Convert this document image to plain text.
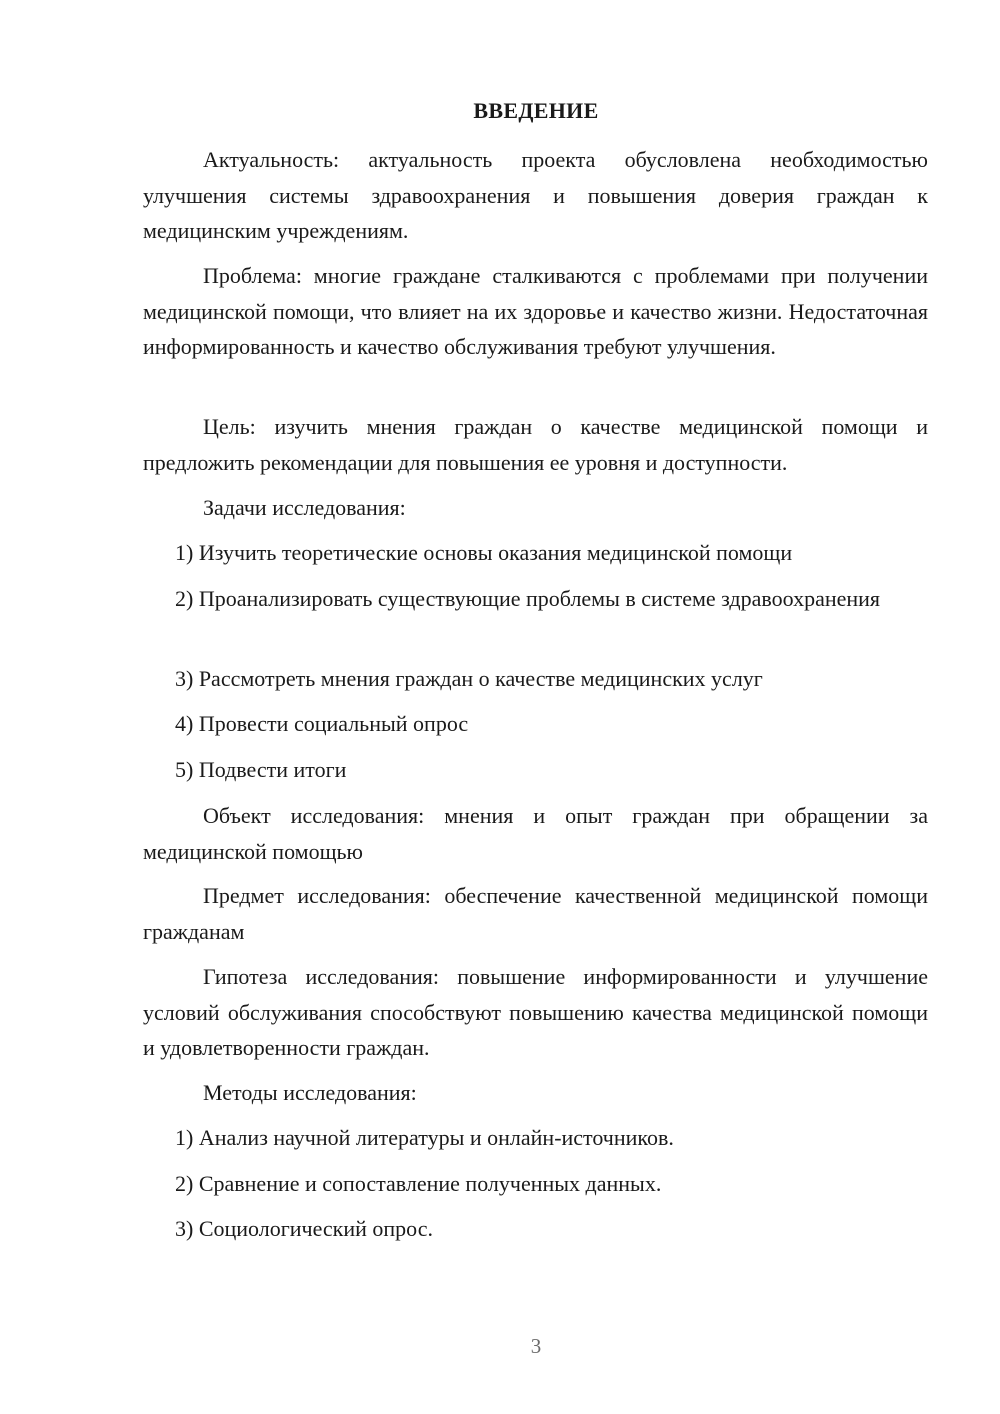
ВВЕДЕНИЕ

Актуальность: актуальность проекта обусловлена необходимостью улучшения системы здравоохранения и повышения доверия граждан к медицинским учреждениям.

Проблема: многие граждане сталкиваются с проблемами при получении медицинской помощи, что влияет на их здоровье и качество жизни. Недостаточная информированность и качество обслуживания требуют улучшения.

Цель: изучить мнения граждан о качестве медицинской помощи и предложить рекомендации для повышения ее уровня и доступности.

Задачи исследования:

1) Изучить теоретические основы оказания медицинской помощи

2) Проанализировать существующие проблемы в системе здравоохранения

3) Рассмотреть мнения граждан о качестве медицинских услуг

4) Провести социальный опрос

5) Подвести итоги

Объект исследования: мнения и опыт граждан при обращении за медицинской помощью

Предмет исследования: обеспечение качественной медицинской помощи гражданам

Гипотеза исследования: повышение информированности и улучшение условий обслуживания способствуют повышению качества медицинской помощи и удовлетворенности граждан.

Методы исследования:

1) Анализ научной литературы и онлайн-источников.

2) Сравнение и сопоставление полученных данных.

3) Социологический опрос.

3
